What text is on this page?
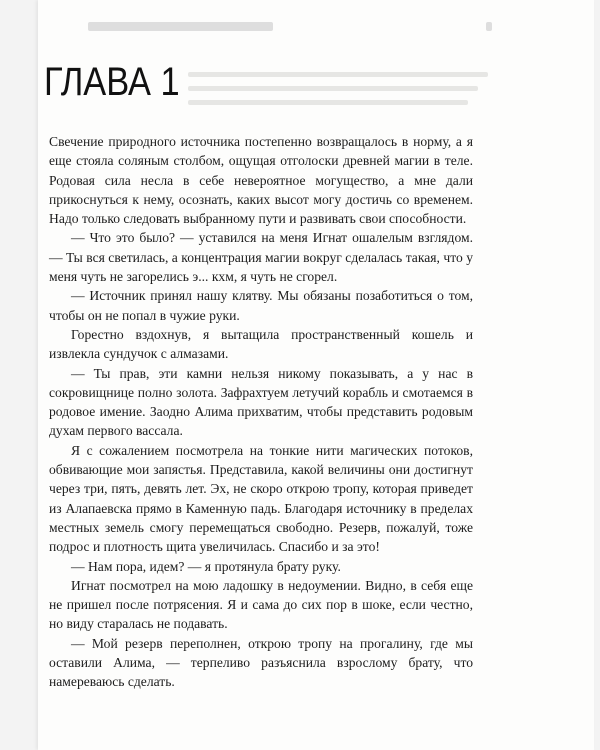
ГЛАВА 1

Свечение природного источника постепенно возвращалось в норму, а я еще стояла соляным столбом, ощущая отголоски древней магии в теле. Родовая сила несла в себе невероятное могущество, а мне дали прикоснуться к нему, осознать, каких высот могу достичь со временем. Надо только следовать выбранному пути и развивать свои способности.

— Что это было? — уставился на меня Игнат ошалелым взглядом. — Ты вся светилась, а концентрация магии вокруг сделалась такая, что у меня чуть не загорелись э... кхм, я чуть не сгорел.

— Источник принял нашу клятву. Мы обязаны позаботиться о том, чтобы он не попал в чужие руки.

Горестно вздохнув, я вытащила пространственный кошель и извлекла сундучок с алмазами.

— Ты прав, эти камни нельзя никому показывать, а у нас в сокровищнице полно золота. Зафрахтуем летучий корабль и смотаемся в родовое имение. Заодно Алима прихватим, чтобы представить родовым духам первого вассала.

Я с сожалением посмотрела на тонкие нити магических потоков, обвивающие мои запястья. Представила, какой величины они достигнут через три, пять, девять лет. Эх, не скоро открою тропу, которая приведет из Алапаевска прямо в Каменную падь. Благодаря источнику в пределах местных земель смогу перемещаться свободно. Резерв, пожалуй, тоже подрос и плотность щита увеличилась. Спасибо и за это!

— Нам пора, идем? — я протянула брату руку.

Игнат посмотрел на мою ладошку в недоумении. Видно, в себя еще не пришел после потрясения. Я и сама до сих пор в шоке, если честно, но виду старалась не подавать.

— Мой резерв переполнен, открою тропу на прогалину, где мы оставили Алима, — терпеливо разъяснила взрослому брату, что намереваюсь сделать.
